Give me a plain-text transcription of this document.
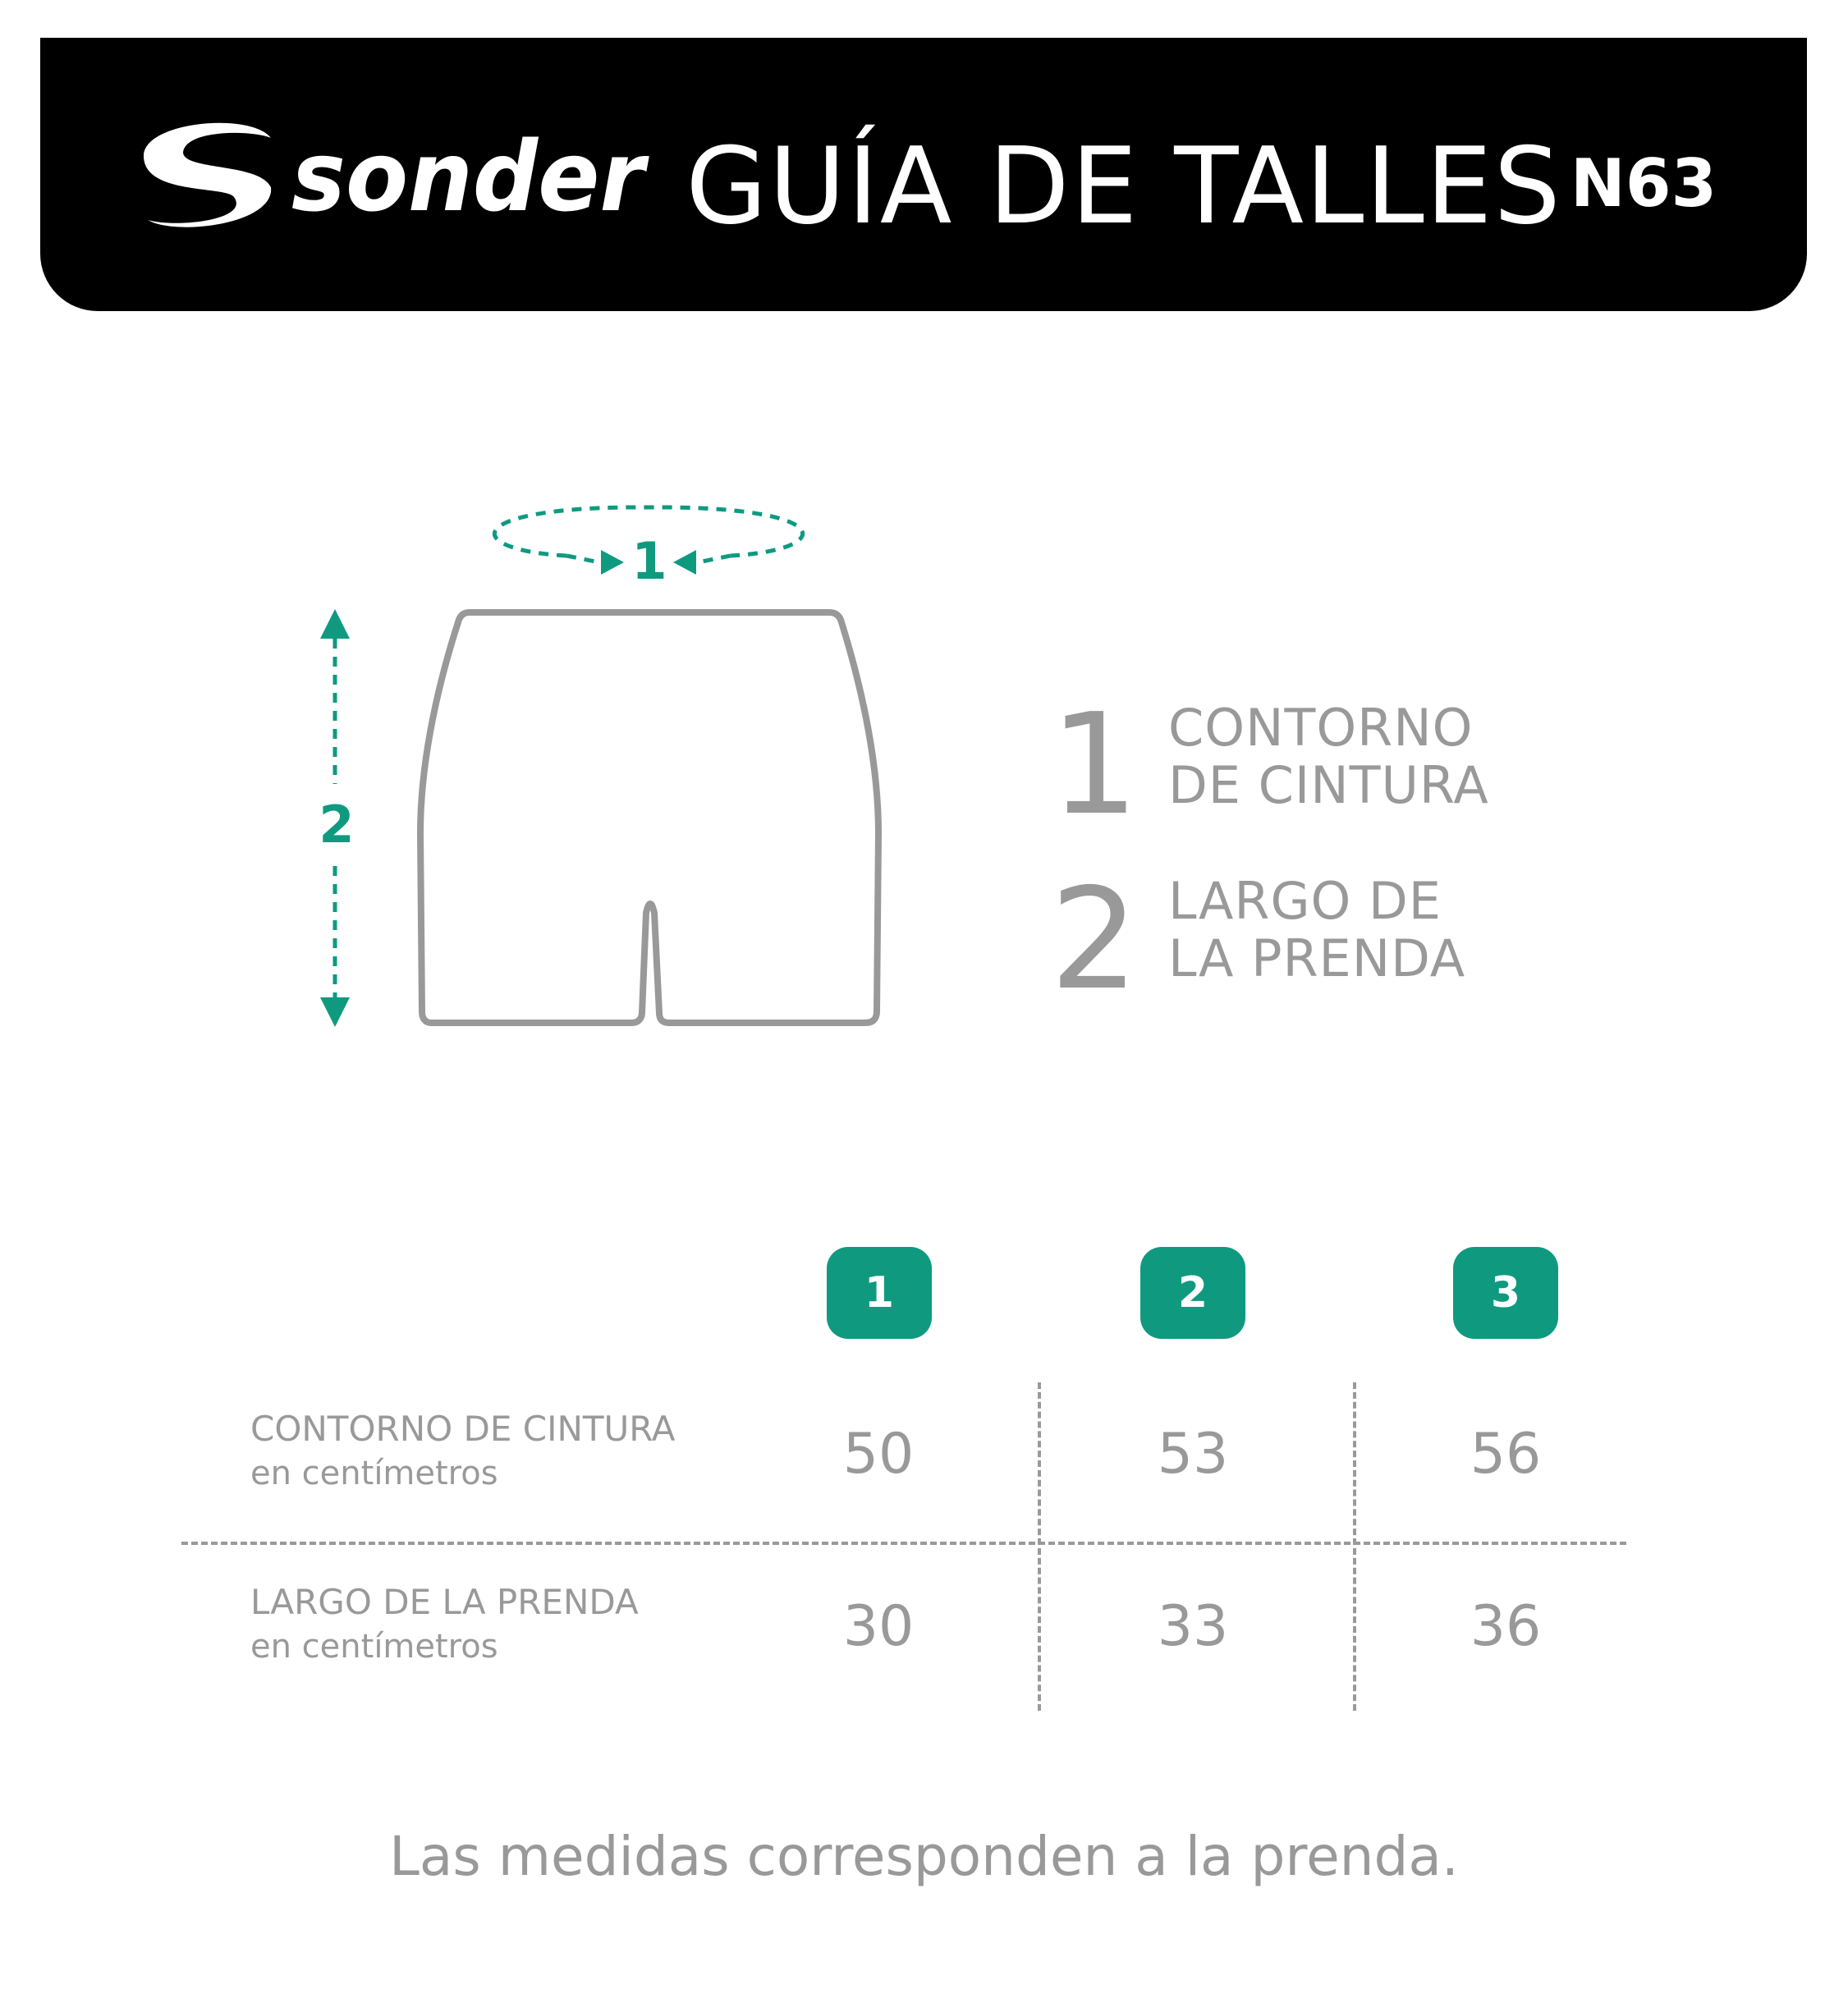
sonder GUÍA DE TALLES N63
1
2	1 CONTORNO
DE CINTURA
2 LARGO DE
LA PRENDA
1	2	3
CONTORNO DE CINTURA
en centímetros	50	53	56
LARGO DE LA PRENDA
en centímetros	30	33	36
Las medidas corresponden a la prenda.
